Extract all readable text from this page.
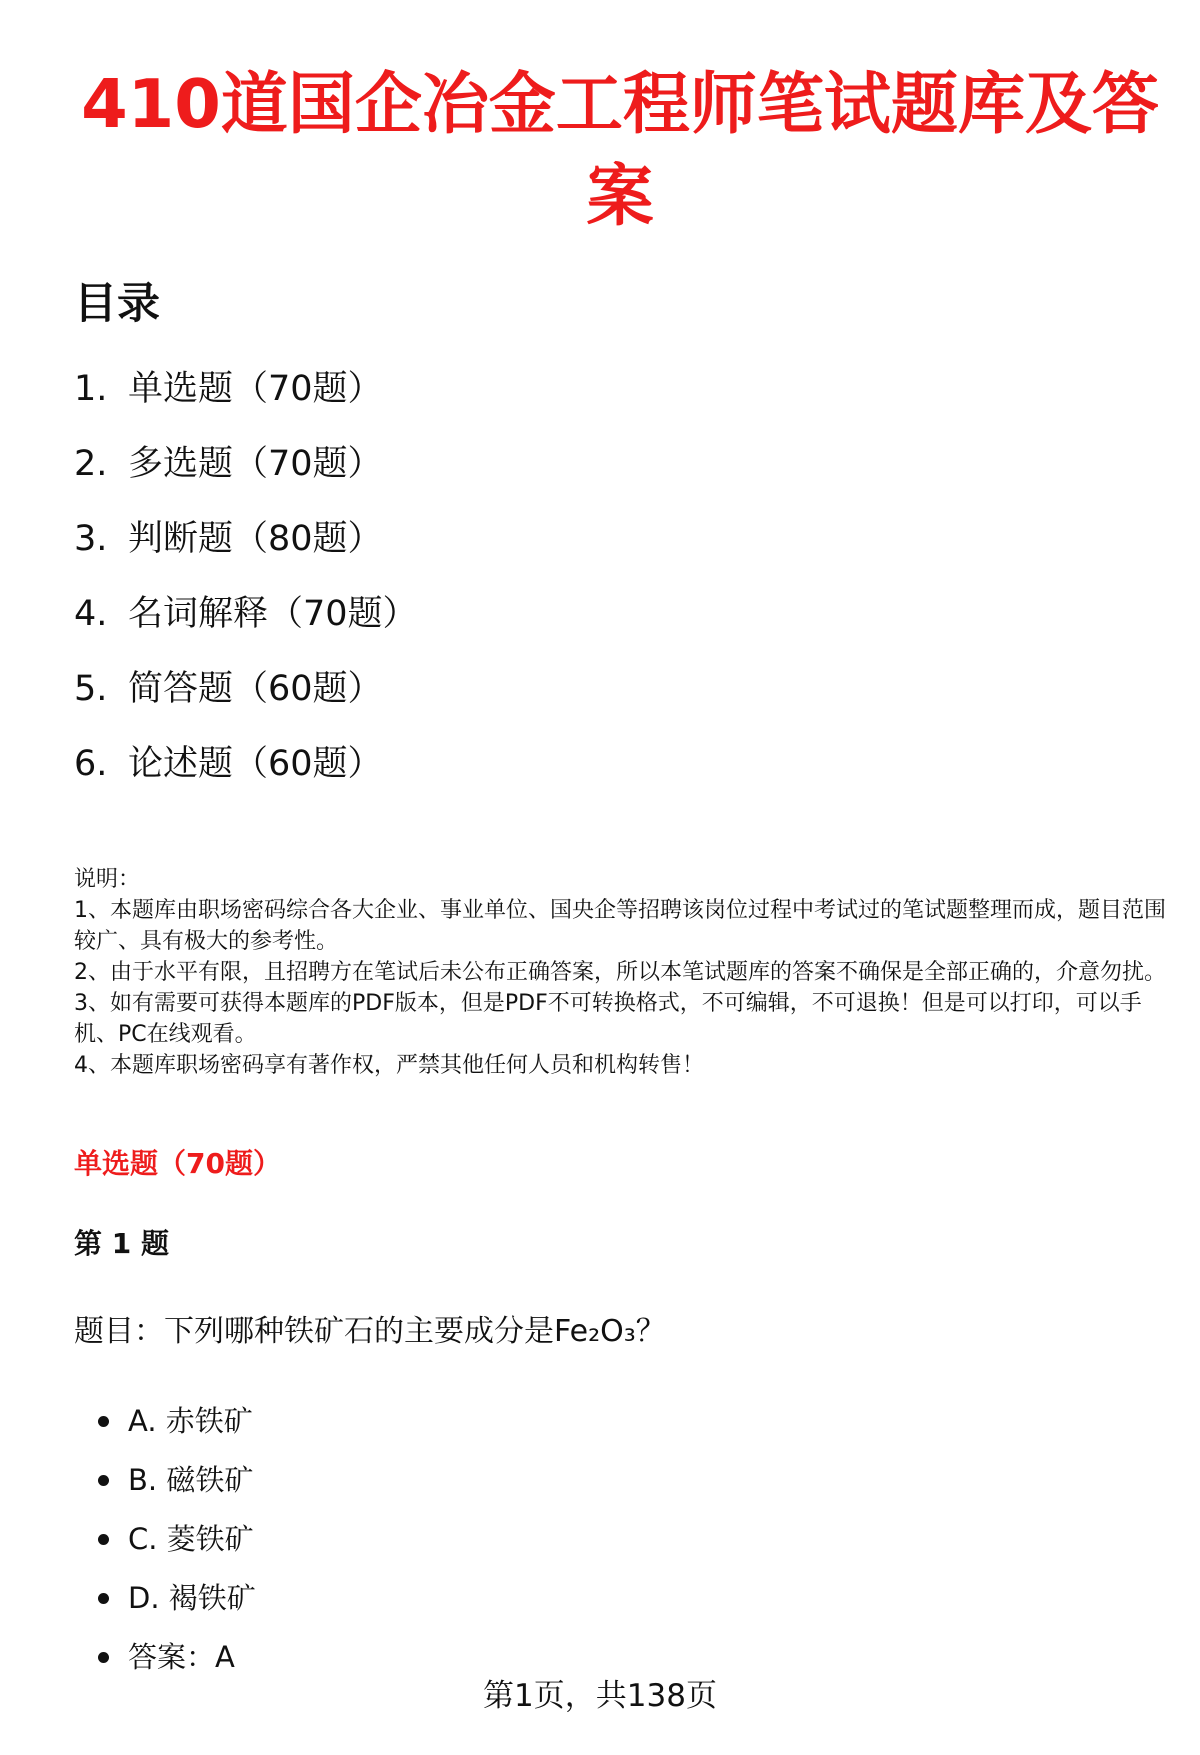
410道国企冶金工程师笔试题库及答案
目录
1. 单选题（70题）
2. 多选题（70题）
3. 判断题（80题）
4. 名词解释（70题）
5. 简答题（60题）
6. 论述题（60题）

说明：

1、本题库由职场密码综合各大企业、事业单位、国央企等招聘该岗位过程中考试过的笔试题整理而成，题目范围较广、具有极大的参考性。

2、由于水平有限，且招聘方在笔试后未公布正确答案，所以本笔试题库的答案不确保是全部正确的，介意勿扰。

3、如有需要可获得本题库的PDF版本，但是PDF不可转换格式，不可编辑，不可退换！但是可以打印，可以手机、PC在线观看。

4、本题库职场密码享有著作权，严禁其他任何人员和机构转售！

单选题（70题）
第 1 题

题目：下列哪种铁矿石的主要成分是Fe₂O₃？

A. 赤铁矿
B. 磁铁矿
C. 菱铁矿
D. 褐铁矿
答案：A
第1页，共138页
